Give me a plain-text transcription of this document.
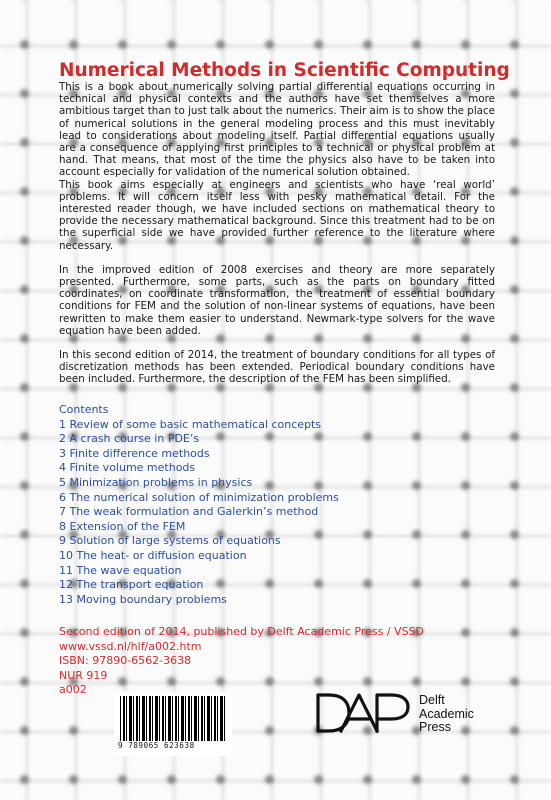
Numerical Methods in Scientific Computing

This is a book about numerically solving partial differential equations occurring in technical and physical contexts and the authors have set themselves a more ambitious target than to just talk about the numerics. Their aim is to show the place of numerical solutions in the general modeling process and this must inevitably lead to considerations about modeling itself. Partial differential equations usually are a consequence of applying first principles to a technical or physical problem at hand. That means, that most of the time the physics also have to be taken into account especially for validation of the numerical solution obtained.

This book aims especially at engineers and scientists who have ‘real world’ problems. It will concern itself less with pesky mathematical detail. For the interested reader though, we have included sections on mathematical theory to provide the necessary mathematical background. Since this treatment had to be on the superficial side we have provided further reference to the literature where necessary.

In the improved edition of 2008 exercises and theory are more separately presented. Furthermore, some parts, such as the parts on boundary fitted coordinates, on coordinate transformation, the treatment of essential boundary conditions for FEM and the solution of non-linear systems of equations, have been rewritten to make them easier to understand. Newmark-type solvers for the wave equation have been added.

In this second edition of 2014, the treatment of boundary conditions for all types of discretization methods has been extended. Periodical boundary conditions have been included. Furthermore, the description of the FEM has been simplified.

Contents
1 Review of some basic mathematical concepts
2 A crash course in PDE’s
3 Finite difference methods
4 Finite volume methods
5 Minimization problems in physics
6 The numerical solution of minimization problems
7 The weak formulation and Galerkin’s method
8 Extension of the FEM
9 Solution of large systems of equations
10 The heat- or diffusion equation
11 The wave equation
12 The transport equation
13 Moving boundary problems
Second edition of 2014, published by Delft Academic Press / VSSD
www.vssd.nl/hlf/a002.htm
ISBN: 97890-6562-3638
NUR 919
a002
9 789065 623638
Delft
Academic
Press
